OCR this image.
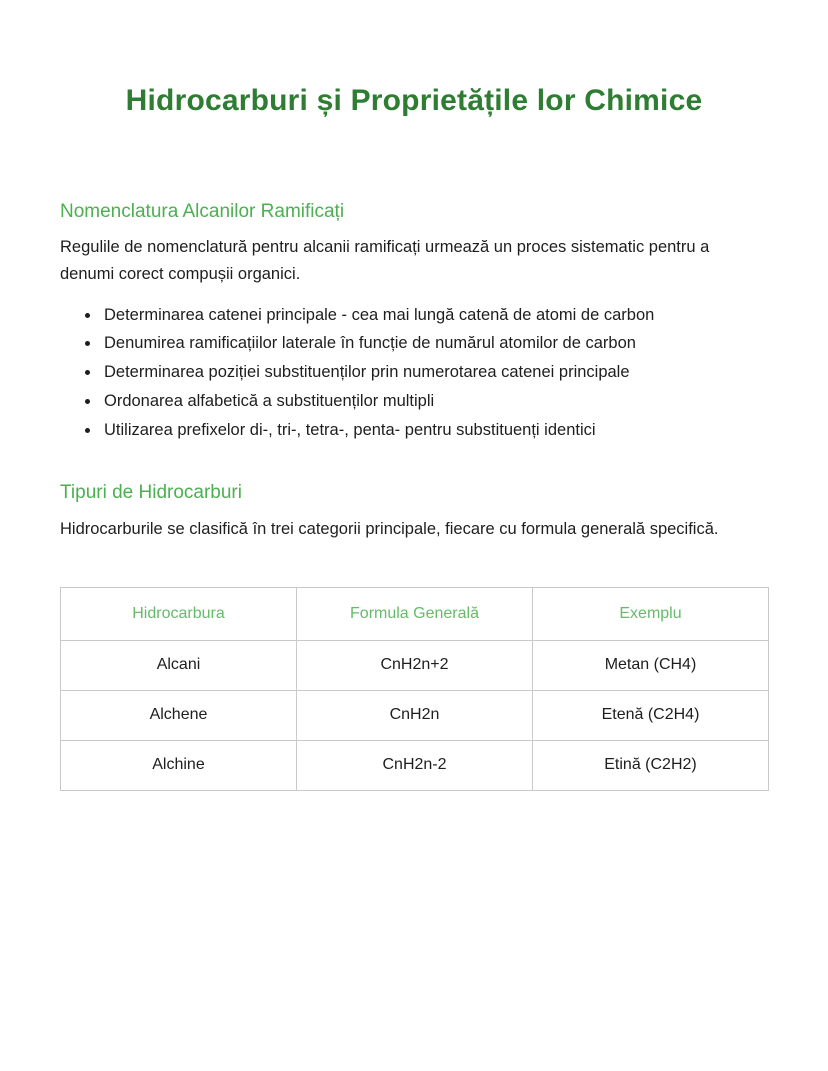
Hidrocarburi și Proprietățile lor Chimice
Nomenclatura Alcanilor Ramificați

Regulile de nomenclatură pentru alcanii ramificați urmează un proces sistematic pentru a denumi corect compușii organici.

Determinarea catenei principale - cea mai lungă catenă de atomi de carbon
Denumirea ramificațiilor laterale în funcție de numărul atomilor de carbon
Determinarea poziției substituenților prin numerotarea catenei principale
Ordonarea alfabetică a substituenților multipli
Utilizarea prefixelor di-, tri-, tetra-, penta- pentru substituenți identici
Tipuri de Hidrocarburi

Hidrocarburile se clasifică în trei categorii principale, fiecare cu formula generală specifică.

Hidrocarbura	Formula Generală	Exemplu
Alcani	CnH2n+2	Metan (CH4)
Alchene	CnH2n	Etenă (C2H4)
Alchine	CnH2n-2	Etină (C2H2)
